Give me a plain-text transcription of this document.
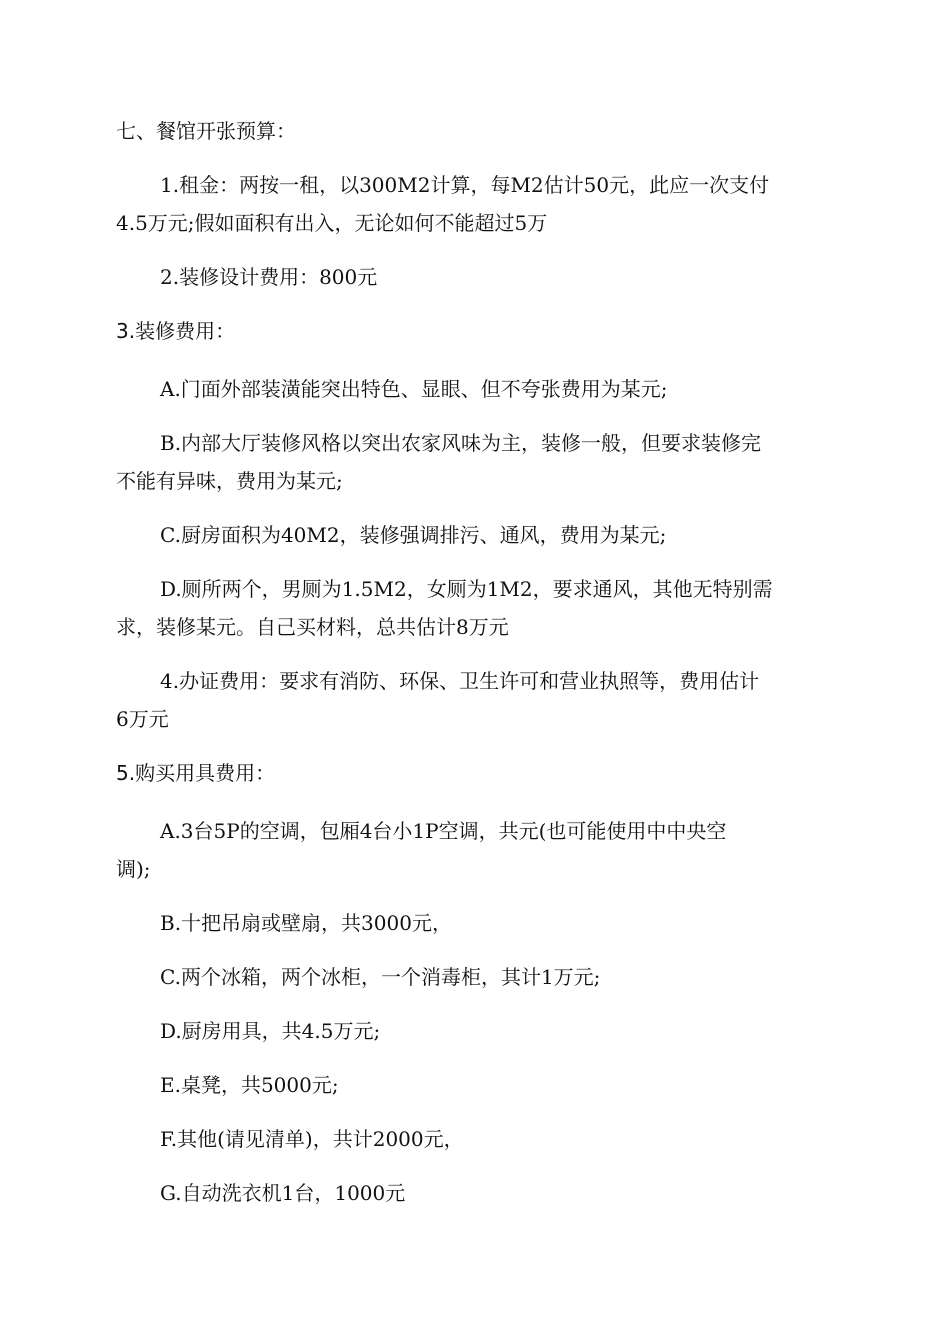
七、餐馆开张预算：
1.租金：两按一租，以300M2计算，每M2估计50元，此应一次支付
4.5万元;假如面积有出入，无论如何不能超过5万
2.装修设计费用：800元
3.装修费用：
A.门面外部装潢能突出特色、显眼、但不夸张费用为某元;
B.内部大厅装修风格以突出农家风味为主，装修一般，但要求装修完
不能有异味，费用为某元;
C.厨房面积为40M2，装修强调排污、通风，费用为某元;
D.厕所两个，男厕为1.5M2，女厕为1M2，要求通风，其他无特别需
求，装修某元。自己买材料，总共估计8万元
4.办证费用：要求有消防、环保、卫生许可和营业执照等，费用估计
6万元
5.购买用具费用：
A.3台5P的空调，包厢4台小1P空调，共元(也可能使用中中央空
调);
B.十把吊扇或壁扇，共3000元，
C.两个冰箱，两个冰柜，一个消毒柜，其计1万元;
D.厨房用具，共4.5万元;
E.桌凳，共5000元;
F.其他(请见清单)，共计2000元，
G.自动洗衣机1台，1000元
